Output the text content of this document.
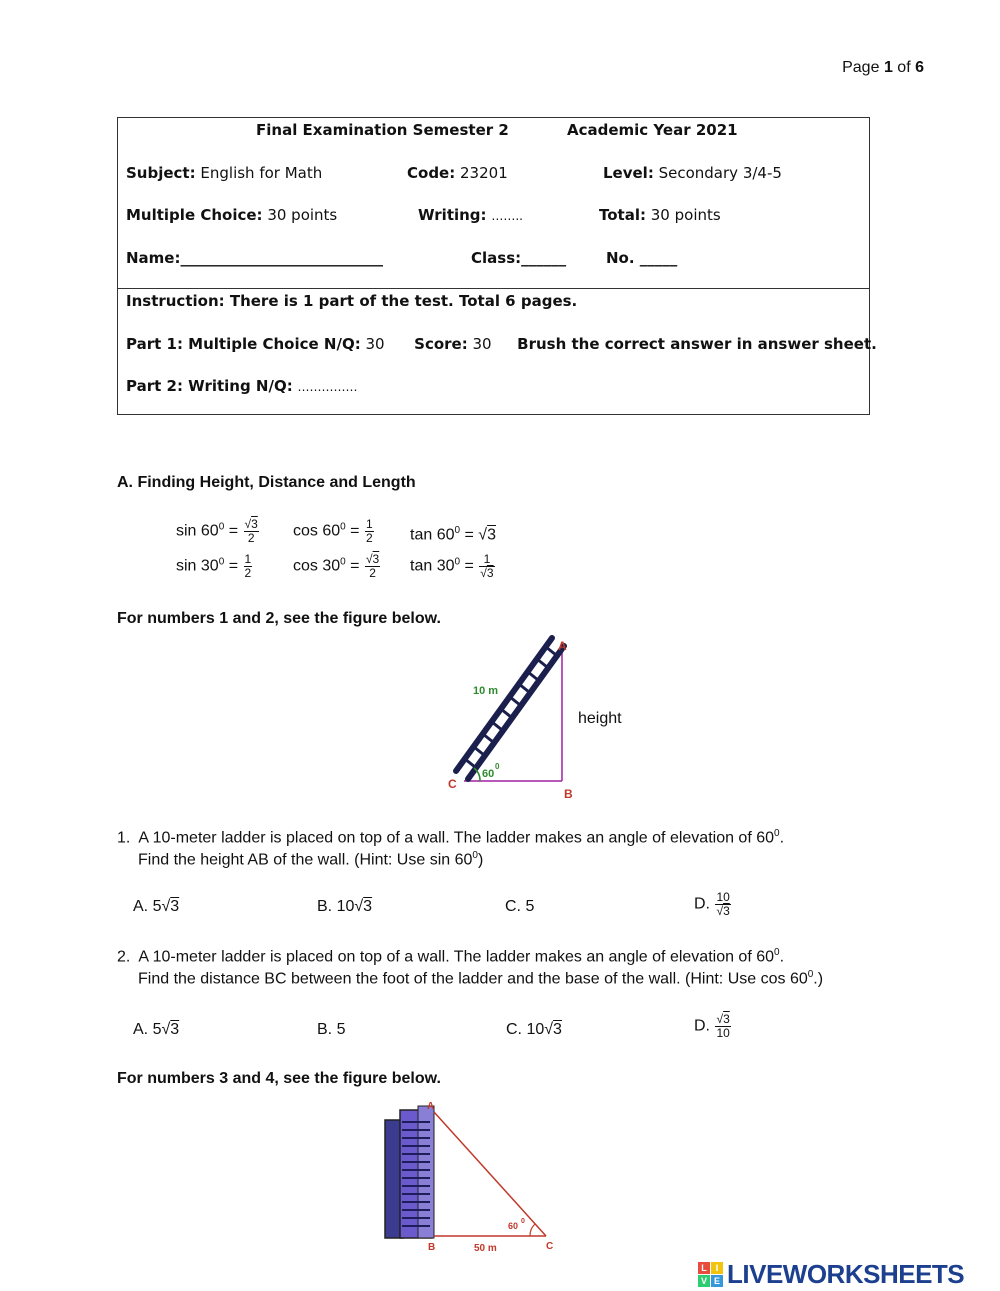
Page 1 of 6
Final Examination Semester 2	Academic Year 2021
Subject: English for Math	Code: 23201	Level: Secondary 3/4-5
Multiple Choice: 30 points	Writing: ……..	Total: 30 points
Name:___________________________	Class:______	No. _____
Instruction: There is 1 part of the test. Total 6 pages.
Part 1: Multiple Choice N/Q: 30 Score: 30 Brush the correct answer in answer sheet.
Part 2: Writing N/Q: ……………
A. Finding Height, Distance and Length
$\sin 60^0 = \frac{√3}{2}$ $\cos 60^0 = \frac{1}{2}$ $\tan 60^0 = √3$
$\sin 30^0 = \frac{1}{2}$	$\cos 30^0 = \frac{√3}{2}$ $\tan 30^0 = \frac{1}{√3}$
For numbers 1 and 2, see the figure below.
10 m
60
0
A
B
C
height
1. A 10-meter ladder is placed on top of a wall. The ladder makes an angle of elevation of $60^0$.
Find the height AB of the wall. (Hint: Use $\sin 60^0$)
A. 5√3	B. 10√3	C. 5	D. $\frac{10}{√3}$
2. A 10-meter ladder is placed on top of a wall. The ladder makes an angle of elevation of $60^0$.
Find the distance BC between the foot of the ladder and the base of the wall. (Hint: Use $\cos 60^0$.)
A. 5√3	B. 5	C. 10√3	D. $\frac{√3}{10}$
For numbers 3 and 4, see the figure below.
A
B	C
50 m
60 0
L I
V E LIVEWORKSHEETS
